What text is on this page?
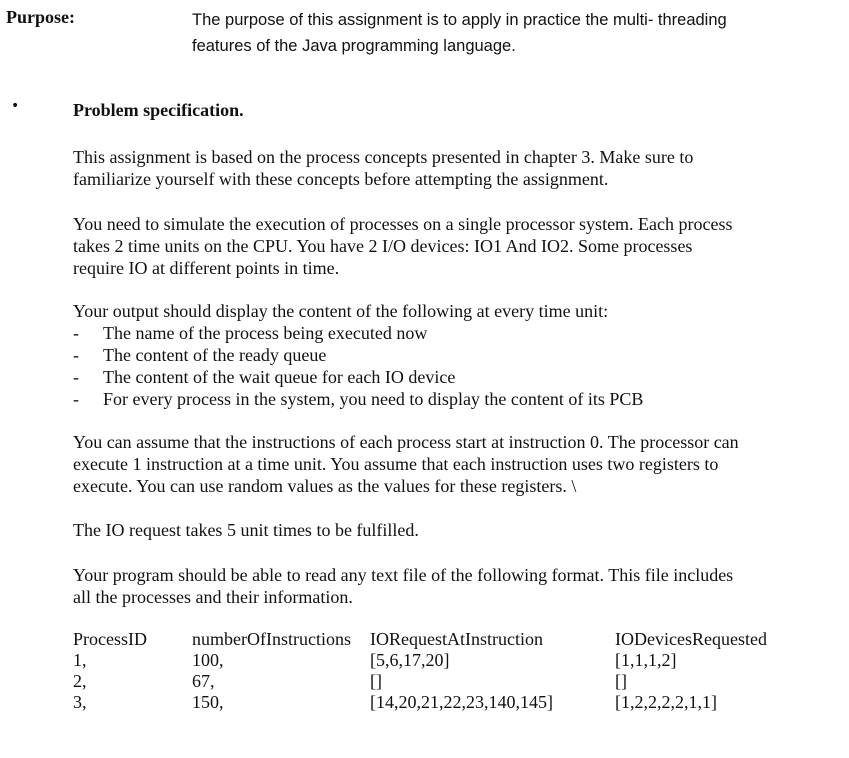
Purpose:	The purpose of this assignment is to apply in practice the multi- threading
features of the Java programming language.
•	Problem specification.
This assignment is based on the process concepts presented in chapter 3. Make sure to
familiarize yourself with these concepts before attempting the assignment.
You need to simulate the execution of processes on a single processor system. Each process
takes 2 time units on the CPU. You have 2 I/O devices: IO1 And IO2. Some processes
require IO at different points in time.
Your output should display the content of the following at every time unit:
- The name of the process being executed now
- The content of the ready queue
- The content of the wait queue for each IO device
- For every process in the system, you need to display the content of its PCB
You can assume that the instructions of each process start at instruction 0. The processor can
execute 1 instruction at a time unit. You assume that each instruction uses two registers to
execute. You can use random values as the values for these registers. \
The IO request takes 5 unit times to be fulfilled.
Your program should be able to read any text file of the following format. This file includes
all the processes and their information.
ProcessID
1,
2,
3,
numberOfInstructions
100,
67,
150,
IORequestAtInstruction
[5,6,17,20]
[]
[14,20,21,22,23,140,145]
IODevicesRequested
[1,1,1,2]
[]
[1,2,2,2,2,1,1]
